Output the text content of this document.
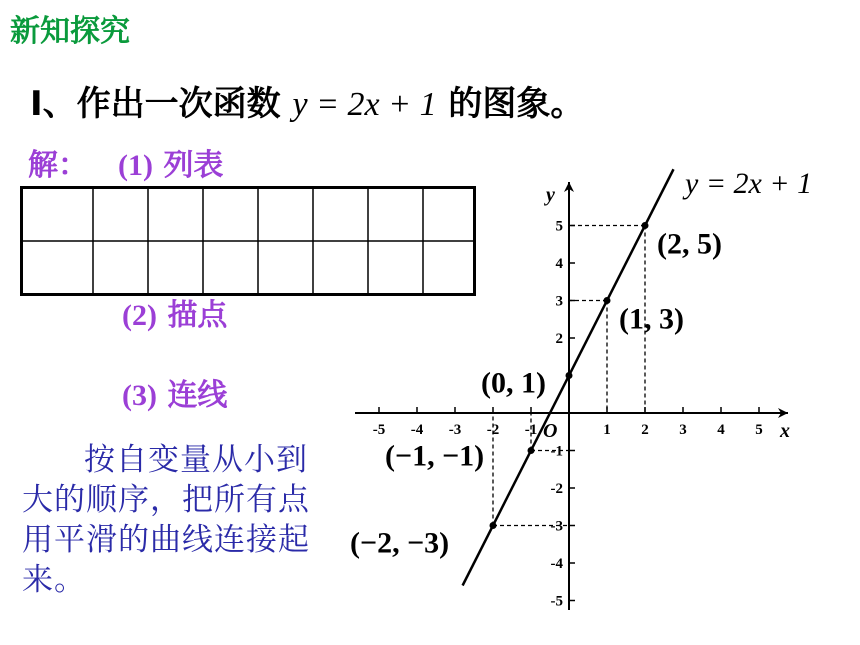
新知探究
Ⅰ、作出一次函数 y = 2x + 1 的图象。
解： (1) 列表
(2) 描点
(3) 连线
按自变量从小到大的顺序，把所有点用平滑的曲线连接起来。
-5 -4 -3 -2 -1	1 2 3 4 5
5
4
3
2
-1
-2
-3
-4
-5
(2, 5)
(1, 3)
(0, 1)
(−1, −1)
(−2, −3)
y = 2x + 1
x
y
O
